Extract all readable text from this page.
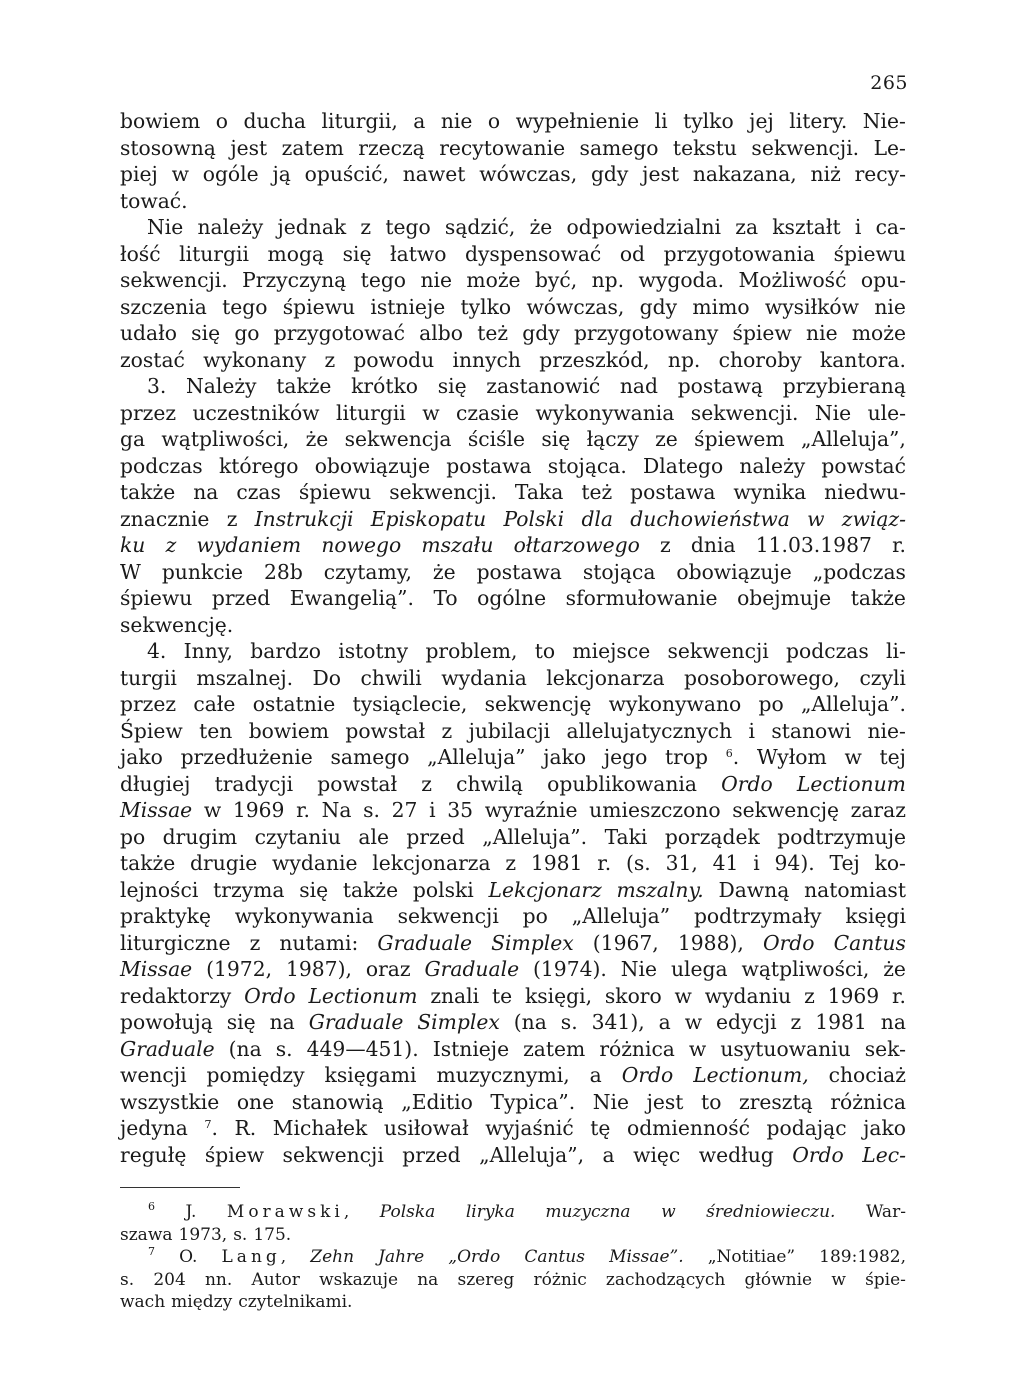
265
bowiem o ducha liturgii, a nie o wypełnienie li tylko jej litery. Nie-
stosowną jest zatem rzeczą recytowanie samego tekstu sekwencji. Le-
piej w ogóle ją opuścić, nawet wówczas, gdy jest nakazana, niż recy-
tować.
Nie należy jednak z tego sądzić, że odpowiedzialni za kształt i ca-
łość liturgii mogą się łatwo dyspensować od przygotowania śpiewu
sekwencji. Przyczyną tego nie może być, np. wygoda. Możliwość opu-
szczenia tego śpiewu istnieje tylko wówczas, gdy mimo wysiłków nie
udało się go przygotować albo też gdy przygotowany śpiew nie może
zostać wykonany z powodu innych przeszkód, np. choroby kantora.
3. Należy także krótko się zastanowić nad postawą przybieraną
przez uczestników liturgii w czasie wykonywania sekwencji. Nie ule-
ga wątpliwości, że sekwencja ściśle się łączy ze śpiewem „Alleluja”,
podczas którego obowiązuje postawa stojąca. Dlatego należy powstać
także na czas śpiewu sekwencji. Taka też postawa wynika niedwu-
znacznie z Instrukcji Episkopatu Polski dla duchowieństwa w związ-
ku z wydaniem nowego mszału ołtarzowego z dnia 11.03.1987 r.
W punkcie 28b czytamy, że postawa stojąca obowiązuje „podczas
śpiewu przed Ewangelią”. To ogólne sformułowanie obejmuje także
sekwencję.
4. Inny, bardzo istotny problem, to miejsce sekwencji podczas li-
turgii mszalnej. Do chwili wydania lekcjonarza posoborowego, czyli
przez całe ostatnie tysiąclecie, sekwencję wykonywano po „Alleluja”.
Śpiew ten bowiem powstał z jubilacji allelujatycznych i stanowi nie-
jako przedłużenie samego „Alleluja” jako jego trop $^6$. Wyłom w tej
długiej tradycji powstał z chwilą opublikowania Ordo Lectionum
Missae w 1969 r. Na s. 27 i 35 wyraźnie umieszczono sekwencję zaraz
po drugim czytaniu ale przed „Alleluja”. Taki porządek podtrzymuje
także drugie wydanie lekcjonarza z 1981 r. (s. 31, 41 i 94). Tej ko-
lejności trzyma się także polski Lekcjonarz mszalny. Dawną natomiast
praktykę wykonywania sekwencji po „Alleluja” podtrzymały księgi
liturgiczne z nutami: Graduale Simplex (1967, 1988), Ordo Cantus
Missae (1972, 1987), oraz Graduale (1974). Nie ulega wątpliwości, że
redaktorzy Ordo Lectionum znali te księgi, skoro w wydaniu z 1969 r.
powołują się na Graduale Simplex (na s. 341), a w edycji z 1981 na
Graduale (na s. 449—451). Istnieje zatem różnica w usytuowaniu sek-
wencji pomiędzy księgami muzycznymi, a Ordo Lectionum, chociaż
wszystkie one stanowią „Editio Typica”. Nie jest to zresztą różnica
jedyna $^7$. R. Michałek usiłował wyjaśnić tę odmienność podając jako
regułę śpiew sekwencji przed „Alleluja”, a więc według Ordo Lec-
$^6$ J. Morawski, Polska liryka muzyczna w średniowieczu. War-
szawa 1973, s. 175.
$^7$ O. Lang, Zehn Jahre „Ordo Cantus Missae”. „Notitiae” 189:1982,
s. 204 nn. Autor wskazuje na szereg różnic zachodzących głównie w śpie-
wach między czytelnikami.
